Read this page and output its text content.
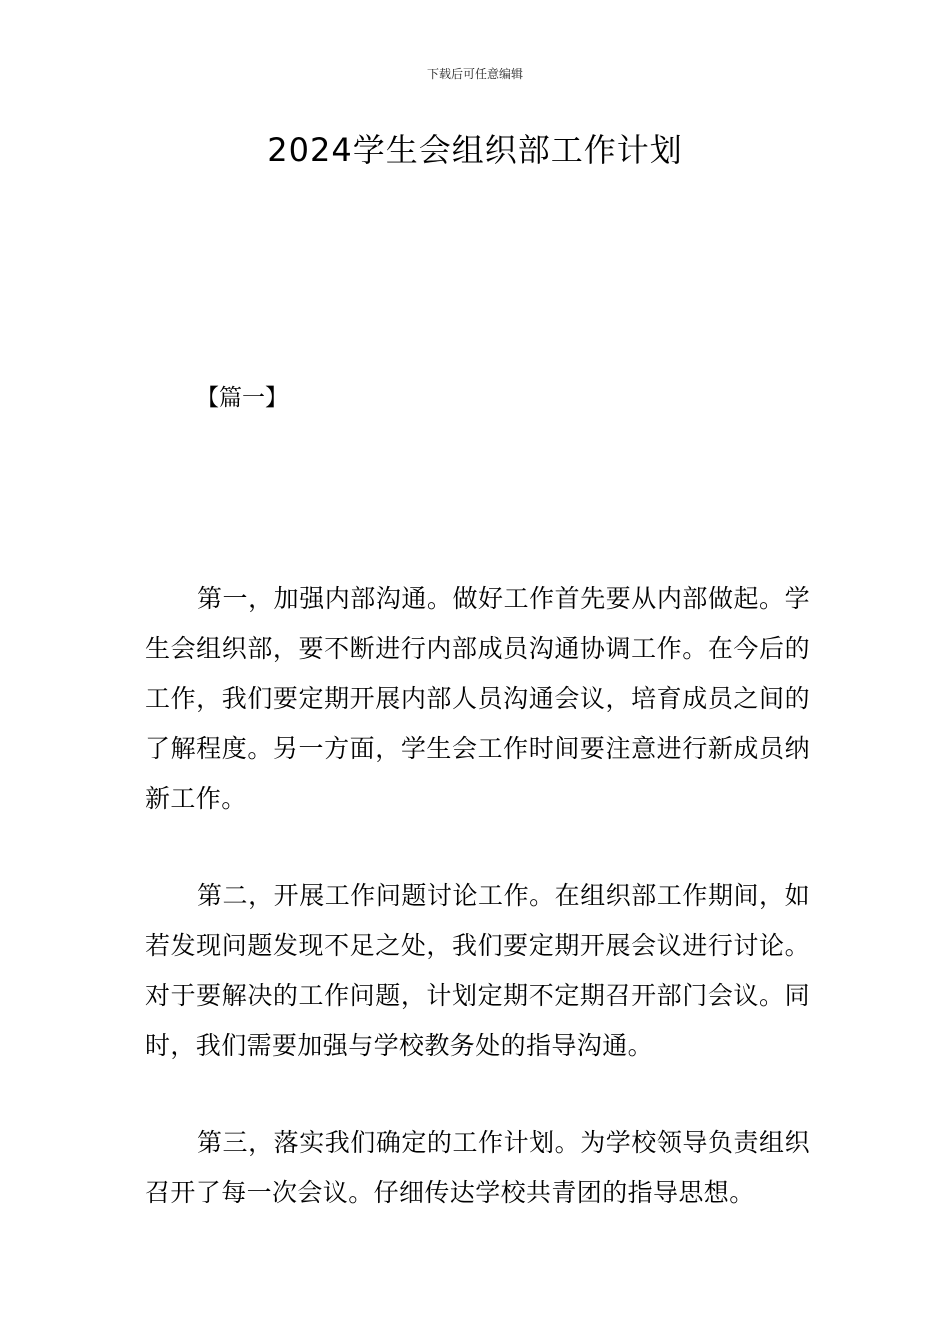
下载后可任意编辑
2024学生会组织部工作计划
【篇一】

第一，加强内部沟通。做好工作首先要从内部做起。学生会组织部，要不断进行内部成员沟通协调工作。在今后的工作，我们要定期开展内部人员沟通会议，培育成员之间的了解程度。另一方面，学生会工作时间要注意进行新成员纳新工作。

第二，开展工作问题讨论工作。在组织部工作期间，如若发现问题发现不足之处，我们要定期开展会议进行讨论。对于要解决的工作问题，计划定期不定期召开部门会议。同时，我们需要加强与学校教务处的指导沟通。

第三，落实我们确定的工作计划。为学校领导负责组织召开了每一次会议。仔细传达学校共青团的指导思想。
